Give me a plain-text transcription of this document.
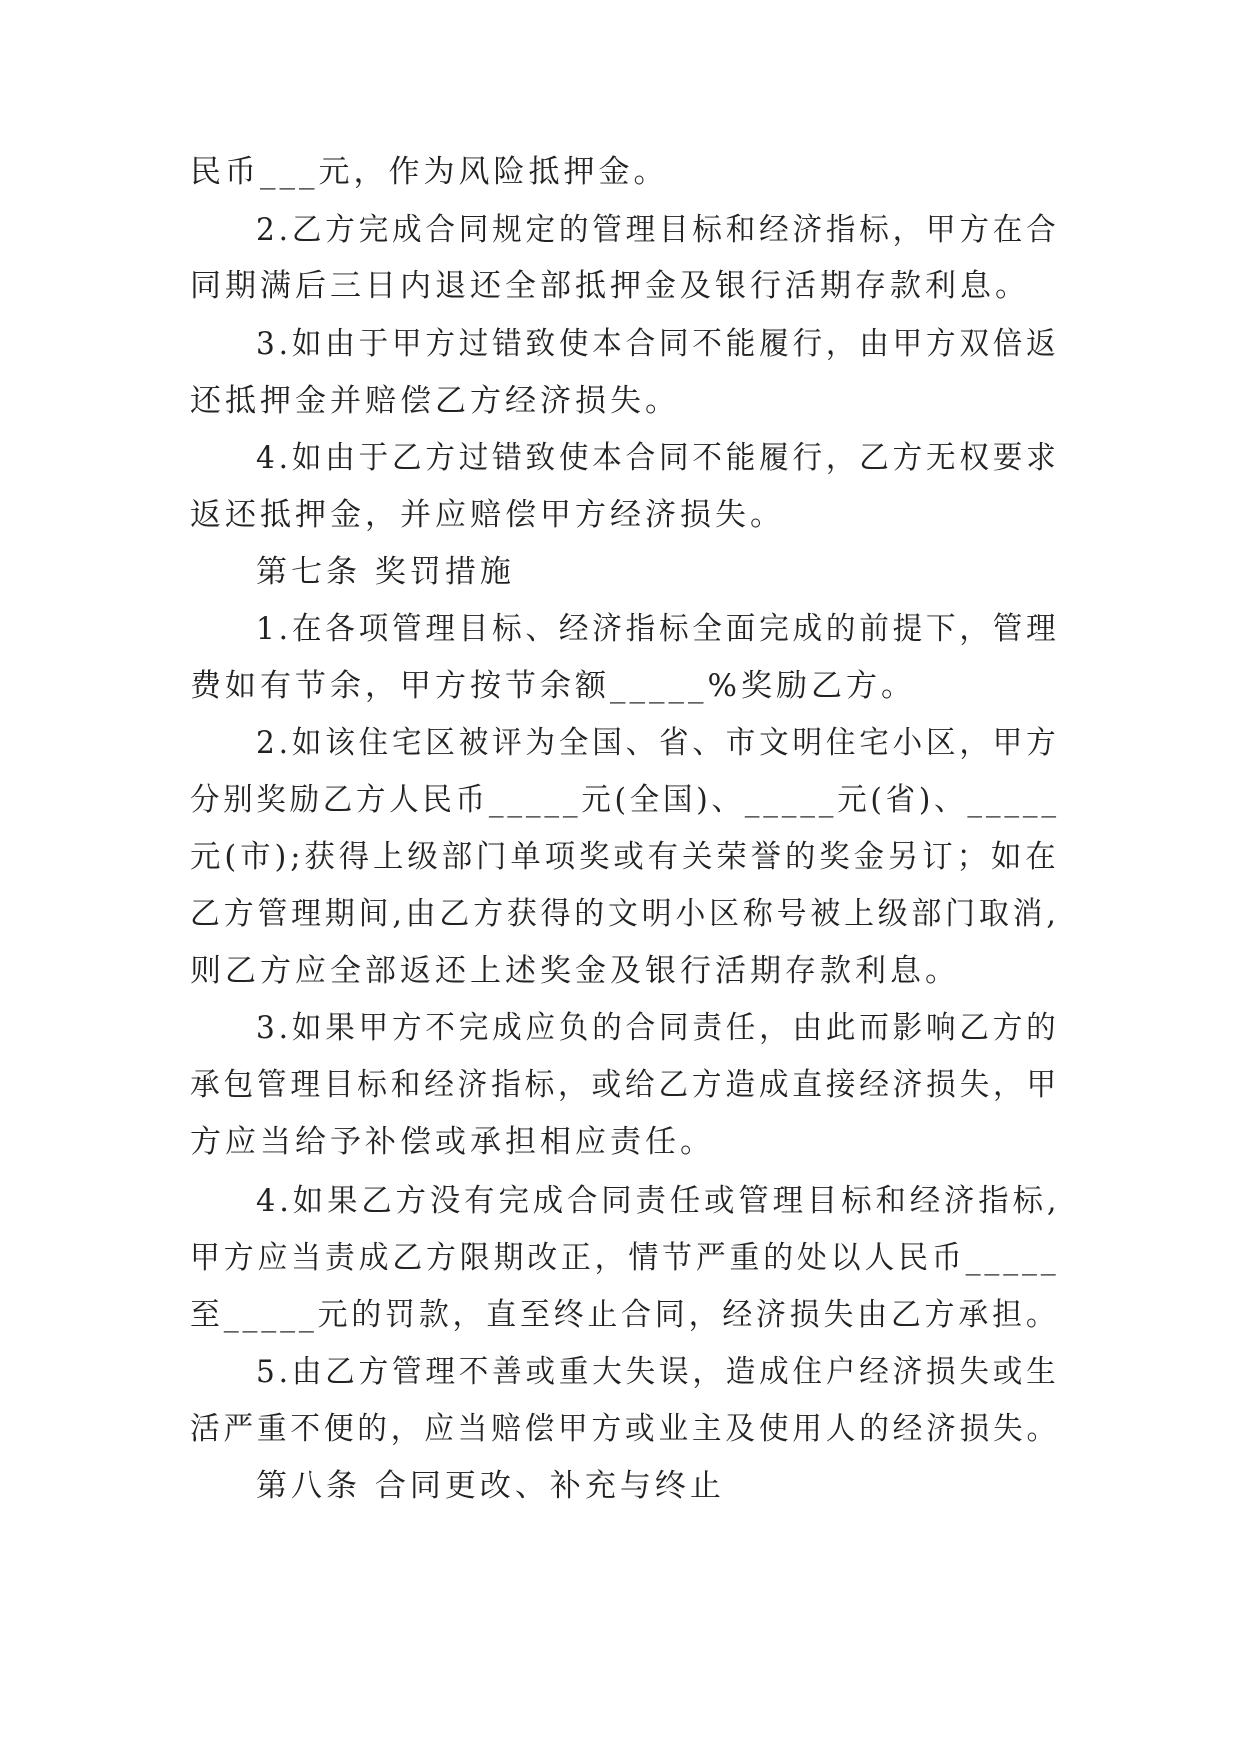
民币___元，作为风险抵押金。
2.乙方完成合同规定的管理目标和经济指标，甲方在合
同期满后三日内退还全部抵押金及银行活期存款利息。
3.如由于甲方过错致使本合同不能履行，由甲方双倍返
还抵押金并赔偿乙方经济损失。
4.如由于乙方过错致使本合同不能履行，乙方无权要求
返还抵押金，并应赔偿甲方经济损失。
第七条 奖罚措施
1.在各项管理目标、经济指标全面完成的前提下，管理
费如有节余，甲方按节余额_____%奖励乙方。
2.如该住宅区被评为全国、省、市文明住宅小区，甲方
分别奖励乙方人民币_____元(全国)、_____元(省)、_____
元(市);获得上级部门单项奖或有关荣誉的奖金另订；如在
乙方管理期间,由乙方获得的文明小区称号被上级部门取消,
则乙方应全部返还上述奖金及银行活期存款利息。
3.如果甲方不完成应负的合同责任，由此而影响乙方的
承包管理目标和经济指标，或给乙方造成直接经济损失，甲
方应当给予补偿或承担相应责任。
4.如果乙方没有完成合同责任或管理目标和经济指标,
甲方应当责成乙方限期改正，情节严重的处以人民币_____
至_____元的罚款，直至终止合同，经济损失由乙方承担。
5.由乙方管理不善或重大失误，造成住户经济损失或生
活严重不便的，应当赔偿甲方或业主及使用人的经济损失。
第八条 合同更改、补充与终止
